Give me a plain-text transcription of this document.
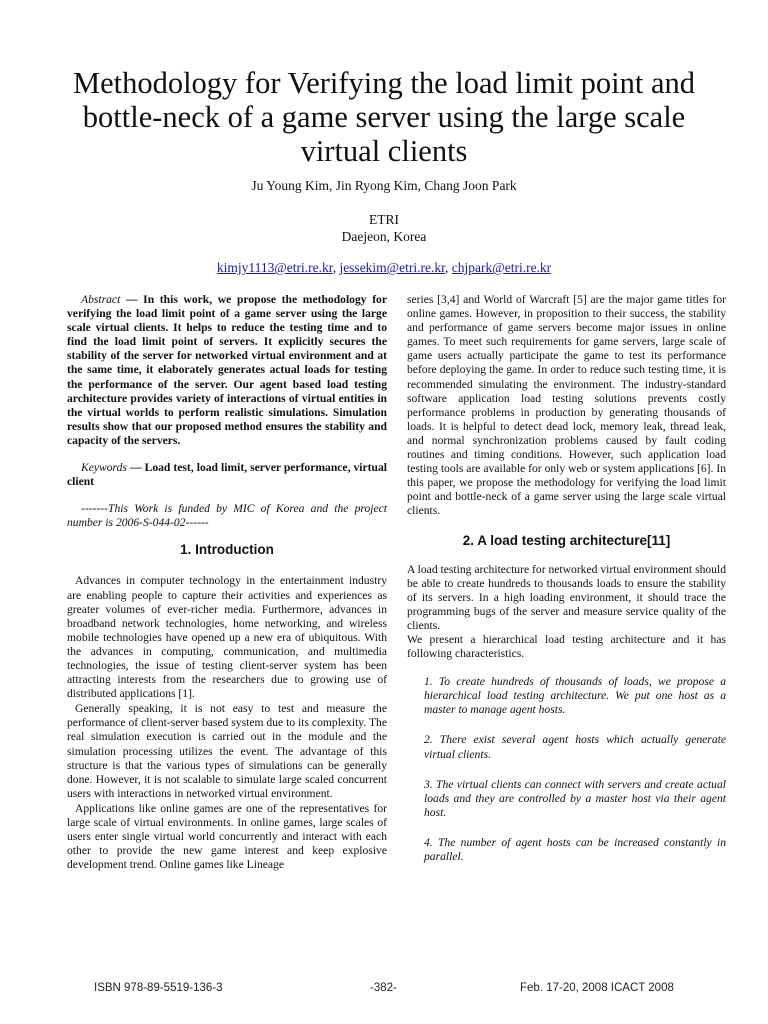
Methodology for Verifying the load limit point and bottle-neck of a game server using the large scale virtual clients
Ju Young Kim, Jin Ryong Kim, Chang Joon Park
ETRI
Daejeon, Korea
kimjy1113@etri.re.kr, jessekim@etri.re.kr, chjpark@etri.re.kr

Abstract — In this work, we propose the methodology for verifying the load limit point of a game server using the large scale virtual clients. It helps to reduce the testing time and to find the load limit point of servers. It explicitly secures the stability of the server for networked virtual environment and at the same time, it elaborately generates actual loads for testing the performance of the server. Our agent based load testing architecture provides variety of interactions of virtual entities in the virtual worlds to perform realistic simulations. Simulation results show that our proposed method ensures the stability and capacity of the servers.

Keywords — Load test, load limit, server performance, virtual client

-------This Work is funded by MIC of Korea and the project number is 2006-S-044-02------

1. Introduction

Advances in computer technology in the entertainment industry are enabling people to capture their activities and experiences as greater volumes of ever-richer media. Furthermore, advances in broadband network technologies, home networking, and wireless mobile technologies have opened up a new era of ubiquitous. With the advances in computing, communication, and multimedia technologies, the issue of testing client-server system has been attracting interests from the researchers due to growing use of distributed applications [1].

Generally speaking, it is not easy to test and measure the performance of client-server based system due to its complexity. The real simulation execution is carried out in the module and the simulation processing utilizes the event. The advantage of this structure is that the various types of simulations can be generally done. However, it is not scalable to simulate large scaled concurrent users with interactions in networked virtual environment.

Applications like online games are one of the representatives for large scale of virtual environments. In online games, large scales of users enter single virtual world concurrently and interact with each other to provide the new game interest and keep explosive development trend. Online games like Lineage

series [3,4] and World of Warcraft [5] are the major game titles for online games. However, in proposition to their success, the stability and performance of game servers become major issues in online games. To meet such requirements for game servers, large scale of game users actually participate the game to test its performance before deploying the game. In order to reduce such testing time, it is recommended simulating the environment. The industry-standard software application load testing solutions prevents costly performance problems in production by generating thousands of loads. It is helpful to detect dead lock, memory leak, thread leak, and normal synchronization problems caused by fault coding routines and timing conditions. However, such application load testing tools are available for only web or system applications [6]. In this paper, we propose the methodology for verifying the load limit point and bottle-neck of a game server using the large scale virtual clients.

2. A load testing architecture[11]

A load testing architecture for networked virtual environment should be able to create hundreds to thousands loads to ensure the stability of its servers. In a high loading environment, it should trace the programming bugs of the server and measure service quality of the clients.

We present a hierarchical load testing architecture and it has following characteristics.

1. To create hundreds of thousands of loads, we propose a hierarchical load testing architecture. We put one host as a master to manage agent hosts.
2. There exist several agent hosts which actually generate virtual clients.
3. The virtual clients can connect with servers and create actual loads and they are controlled by a master host via their agent host.
4. The number of agent hosts can be increased constantly in parallel.
ISBN 978-89-5519-136-3	-382-	Feb. 17-20, 2008 ICACT 2008
